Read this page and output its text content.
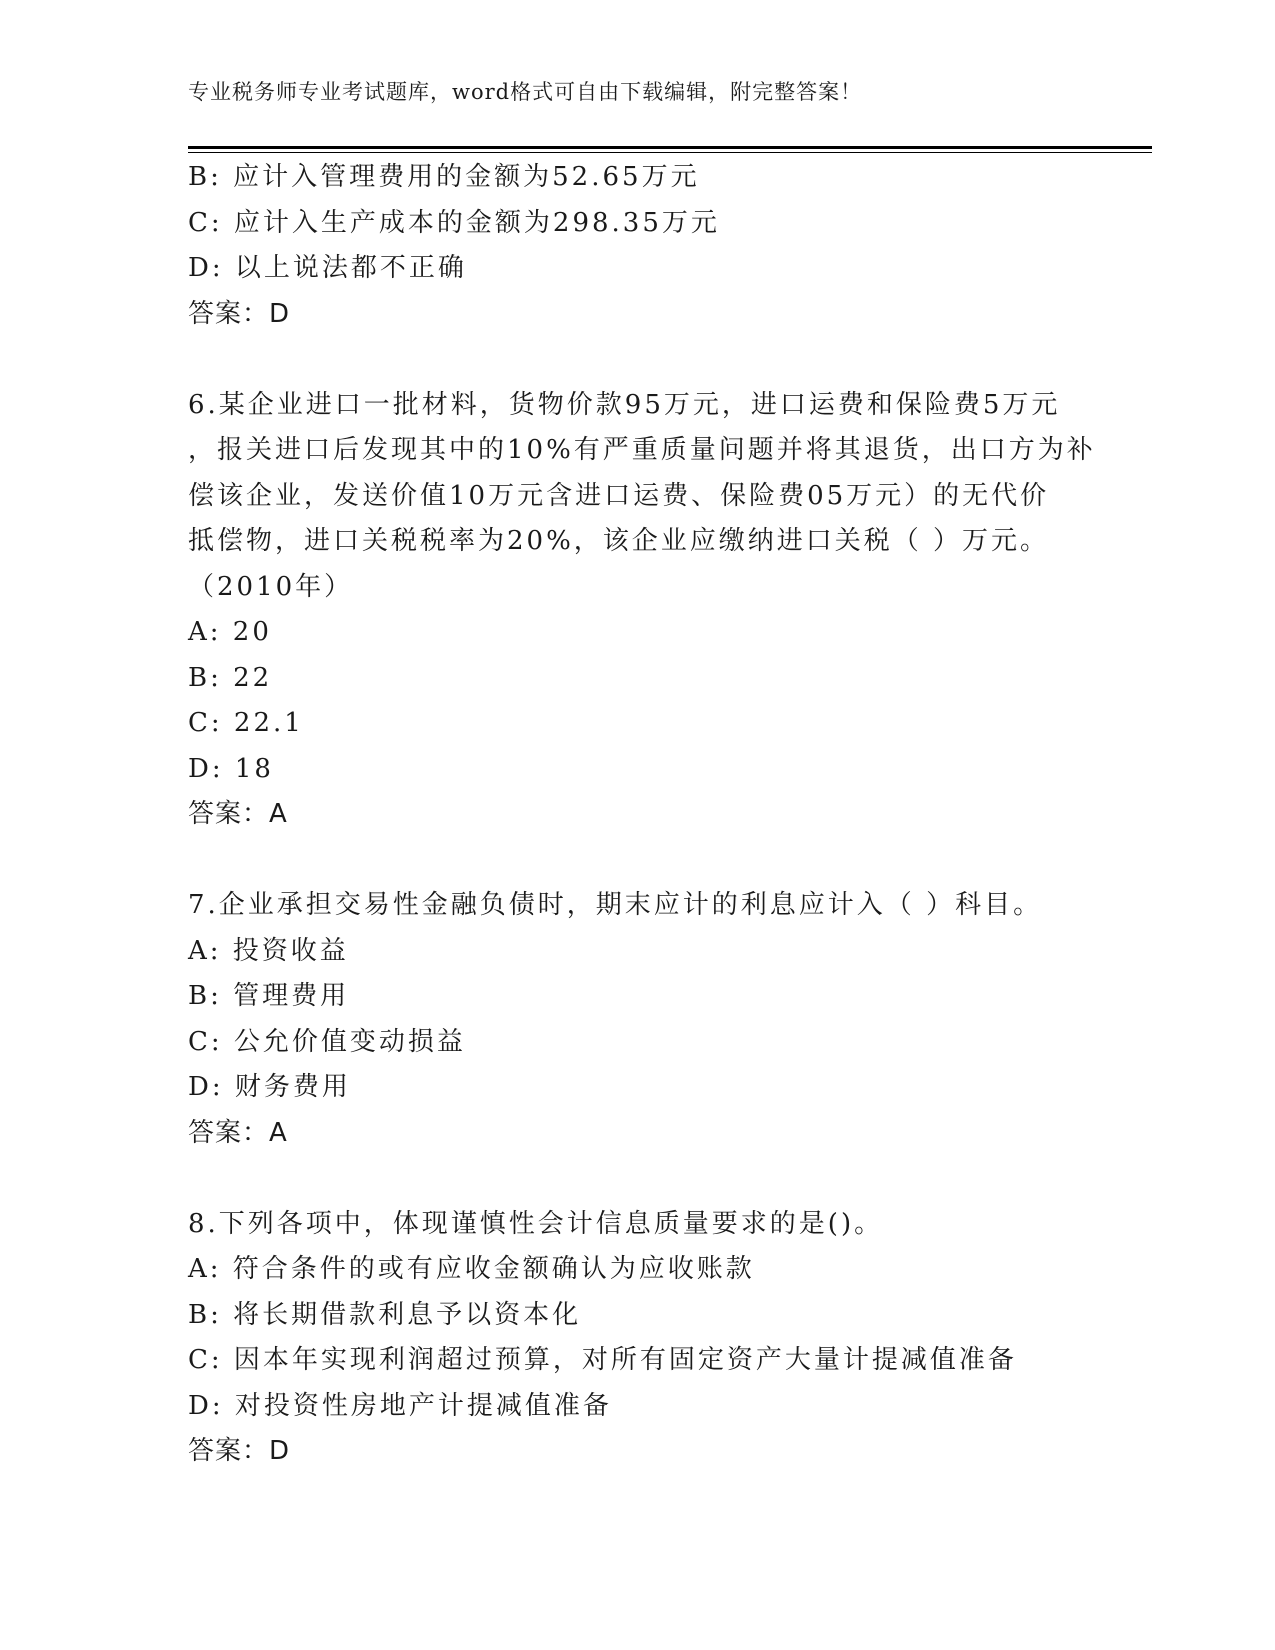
专业税务师专业考试题库，word格式可自由下载编辑，附完整答案！
B: 应计入管理费用的金额为52.65万元
C: 应计入生产成本的金额为298.35万元
D: 以上说法都不正确
答案：D
6.某企业进口一批材料，货物价款95万元，进口运费和保险费5万元
，报关进口后发现其中的10%有严重质量问题并将其退货，出口方为补
偿该企业，发送价值10万元含进口运费、保险费05万元）的无代价
抵偿物，进口关税税率为20%，该企业应缴纳进口关税（ ）万元。
（2010年）
A: 20
B: 22
C: 22.1
D: 18
答案：A
7.企业承担交易性金融负债时，期末应计的利息应计入（ ）科目。
A: 投资收益
B: 管理费用
C: 公允价值变动损益
D: 财务费用
答案：A
8.下列各项中，体现谨慎性会计信息质量要求的是()。
A: 符合条件的或有应收金额确认为应收账款
B: 将长期借款利息予以资本化
C: 因本年实现利润超过预算，对所有固定资产大量计提减值准备
D: 对投资性房地产计提减值准备
答案：D
